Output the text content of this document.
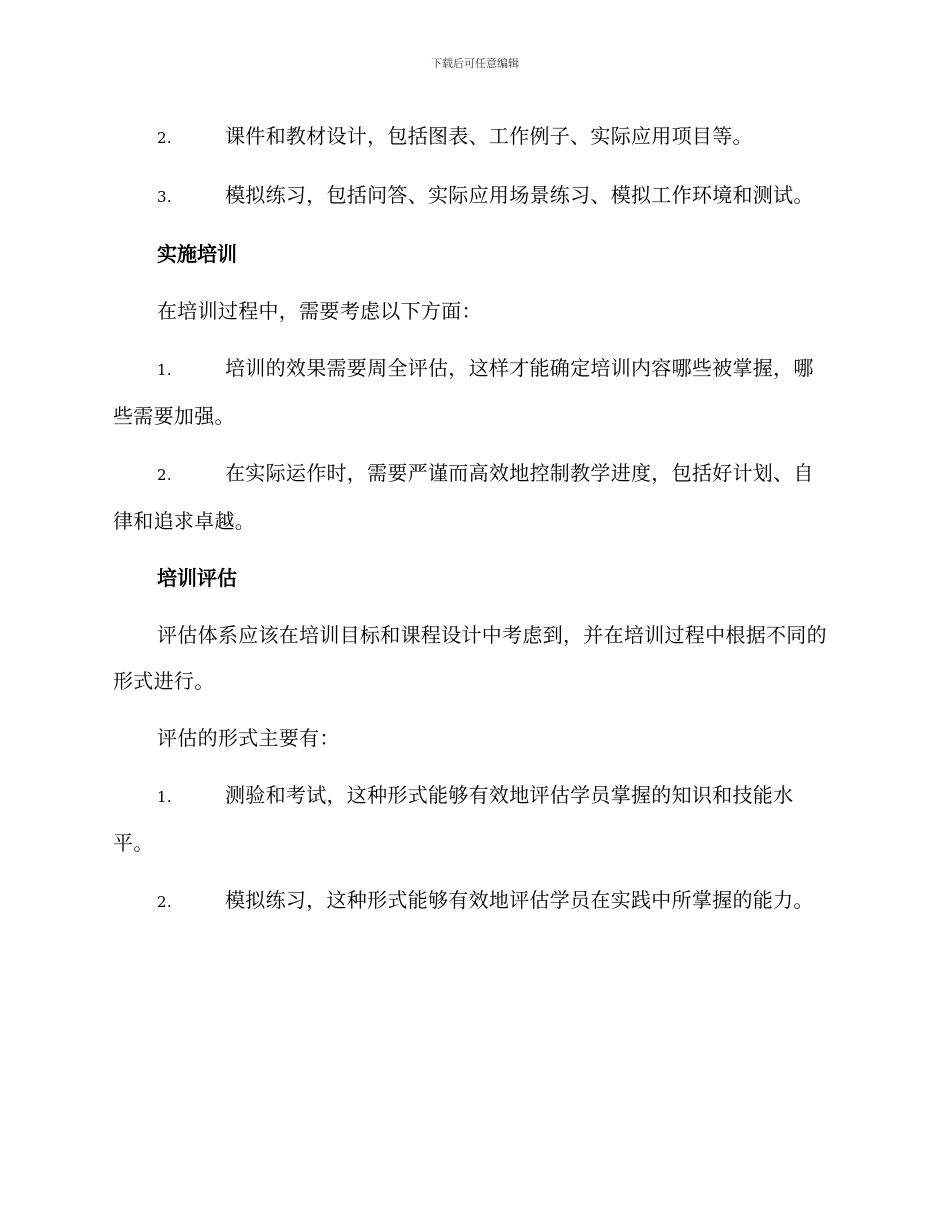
下载后可任意编辑
2.	课件和教材设计，包括图表、工作例子、实际应用项目等。
3.	模拟练习，包括问答、实际应用场景练习、模拟工作环境和测试。
实施培训
在培训过程中，需要考虑以下方面：
1.	培训的效果需要周全评估，这样才能确定培训内容哪些被掌握，哪些需要加强。
2.	在实际运作时，需要严谨而高效地控制教学进度，包括好计划、自律和追求卓越。
培训评估
评估体系应该在培训目标和课程设计中考虑到，并在培训过程中根据不同的形式进行。
评估的形式主要有：
1.	测验和考试，这种形式能够有效地评估学员掌握的知识和技能水平。
2.	模拟练习，这种形式能够有效地评估学员在实践中所掌握的能力。
